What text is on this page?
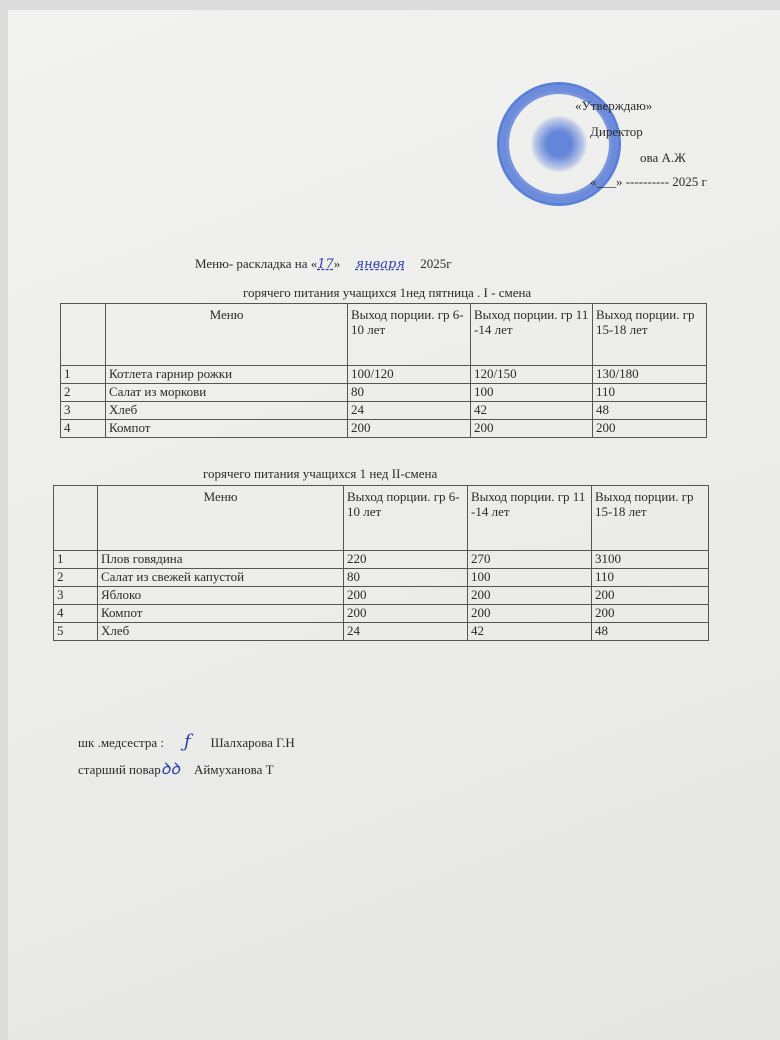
«Утверждаю»
Директор
ова А.Ж
«___» ---------- 2025 г
Меню- раскладка на «17» января 2025г
горячего питания учащихся 1нед пятница . I - смена
	Меню	Выход порции. гр 6-10 лет	Выход порции. гр 11 -14 лет	Выход порции. гр 15-18 лет
1	Котлета гарнир рожки	100/120	120/150	130/180
2	Салат из моркови	80	100	110
3	Хлеб	24	42	48
4	Компот	200	200	200
горячего питания учащихся 1 нед II-смена
	Меню	Выход порции. гр 6-10 лет	Выход порции. гр 11 -14 лет	Выход порции. гр 15-18 лет
1	Плов говядина	220	270	3100
2	Салат из свежей капустой	80	100	110
3	Яблоко	200	200	200
4	Компот	200	200	200
5	Хлеб	24	42	48
шк .медсестра : ƒ Шалхарова Г.Н
старший поварꝺꝺ Аймуханова Т
